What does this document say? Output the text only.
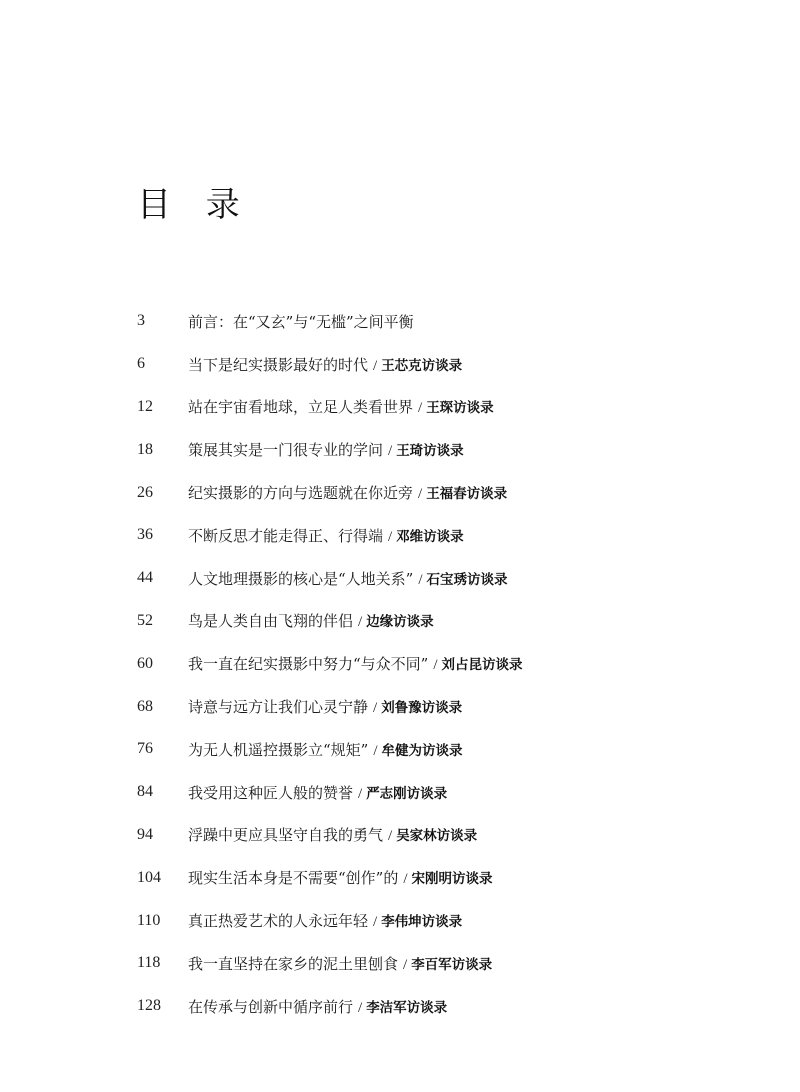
目 录
3	前言：在“又玄”与“无槛”之间平衡
6	当下是纪实摄影最好的时代 / 王芯克访谈录
12	站在宇宙看地球，立足人类看世界 / 王琛访谈录
18	策展其实是一门很专业的学问 / 王琦访谈录
26	纪实摄影的方向与选题就在你近旁 / 王福春访谈录
36	不断反思才能走得正、行得端 / 邓维访谈录
44	人文地理摄影的核心是“人地关系” / 石宝琇访谈录
52	鸟是人类自由飞翔的伴侣 / 边缘访谈录
60	我一直在纪实摄影中努力“与众不同” / 刘占昆访谈录
68	诗意与远方让我们心灵宁静 / 刘鲁豫访谈录
76	为无人机遥控摄影立“规矩” / 牟健为访谈录
84	我受用这种匠人般的赞誉 / 严志刚访谈录
94	浮躁中更应具坚守自我的勇气 / 吴家林访谈录
104	现实生活本身是不需要“创作”的 / 宋刚明访谈录
110	真正热爱艺术的人永远年轻 / 李伟坤访谈录
118	我一直坚持在家乡的泥土里刨食 / 李百军访谈录
128	在传承与创新中循序前行 / 李洁军访谈录
